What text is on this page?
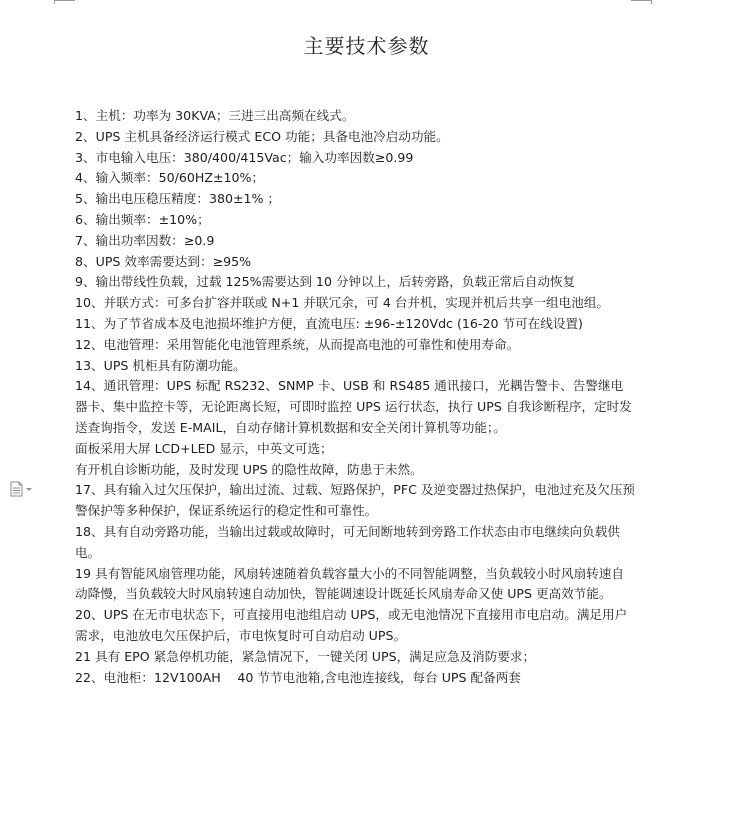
主要技术参数

1、主机：功率为 30KVA；三进三出高频在线式。

2、UPS 主机具备经济运行模式 ECO 功能；具备电池冷启动功能。

3、市电输入电压：380/400/415Vac；输入功率因数≥0.99

4、输入频率：50/60HZ±10%；

5、输出电压稳压精度：380±1% ；

6、输出频率：±10%；

7、输出功率因数：≥0.9

8、UPS 效率需要达到：≥95%

9、输出带线性负载，过载 125%需要达到 10 分钟以上，后转旁路，负载正常后自动恢复

10、并联方式：可多台扩容并联或 N+1 并联冗余，可 4 台并机，实现并机后共享一组电池组。

11、为了节省成本及电池损坏维护方便，直流电压: ±96-±120Vdc (16-20 节可在线设置)

12、电池管理：采用智能化电池管理系统，从而提高电池的可靠性和使用寿命。

13、UPS 机柜具有防潮功能。

14、通讯管理：UPS 标配 RS232、SNMP 卡、USB 和 RS485 通讯接口，光耦告警卡、告警继电器卡、集中监控卡等，无论距离长短，可即时监控 UPS 运行状态，执行 UPS 自我诊断程序，定时发送查询指令，发送 E-MAIL，自动存储计算机数据和安全关闭计算机等功能；。

面板采用大屏 LCD+LED 显示，中英文可选；

有开机自诊断功能，及时发现 UPS 的隐性故障，防患于未然。

17、具有输入过欠压保护，输出过流、过载、短路保护，PFC 及逆变器过热保护，电池过充及欠压预警保护等多种保护，保证系统运行的稳定性和可靠性。

18、具有自动旁路功能，当输出过载或故障时，可无间断地转到旁路工作状态由市电继续向负载供电。

19 具有智能风扇管理功能，风扇转速随着负载容量大小的不同智能调整，当负载较小时风扇转速自动降慢，当负载较大时风扇转速自动加快，智能调速设计既延长风扇寿命又使 UPS 更高效节能。

20、UPS 在无市电状态下，可直接用电池组启动 UPS，或无电池情况下直接用市电启动。满足用户需求，电池放电欠压保护后，市电恢复时可自动启动 UPS。

21 具有 EPO 紧急停机功能，紧急情况下，一键关闭 UPS，满足应急及消防要求；

22、电池柜：12V100AH　 40 节节电池箱,含电池连接线，每台 UPS 配备两套
